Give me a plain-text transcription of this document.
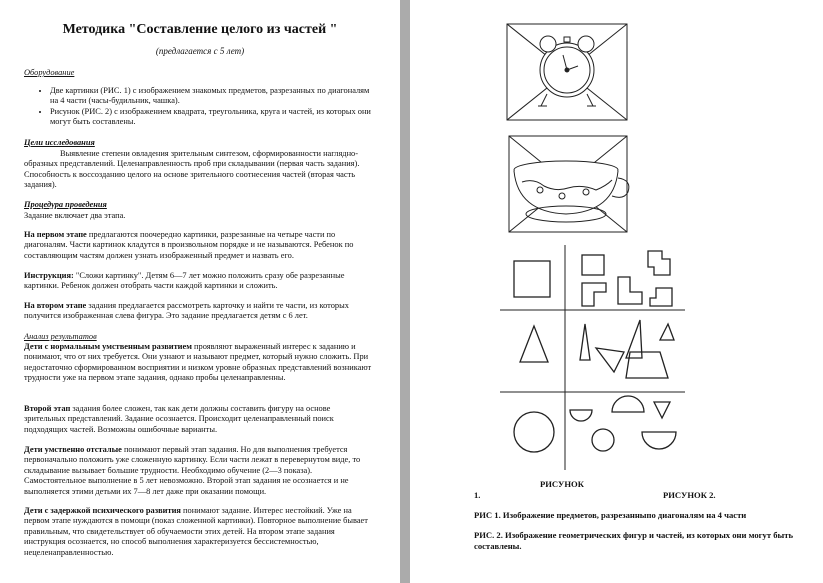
Методика "Составление целого из частей "
(предлагается с 5 лет)

Оборудование

• Две картинки (РИС. 1) с изображением знакомых предметов, разрезанных по диагоналям на 4 части (часы-будильник, чашка).
• Рисунок (РИС. 2) с изображением квадрата, треугольника, круга и частей, из которых они могут быть составлены.

Цели исследования

Выявление степени овладения зрительным синтезом, сформированности наглядно-образных представлений. Целенаправленность проб при складывании (первая часть задания). Способность к воссозданию целого на основе зрительного соотнесения частей (вторая часть задания).

Процедура проведения

Задание включает два этапа.

На первом этапе предлагаются поочередно картинки, разрезанные на четыре части по диагоналям. Части картинок кладутся в произвольном порядке и не называются. Ребенок по составляющим частям должен узнать изображенный предмет и назвать его.

Инструкция: "Сложи картинку". Детям 6—7 лет можно положить сразу обе разрезанные картинки. Ребенок должен отобрать части каждой картинки и сложить.

На втором этапе задания предлагается рассмотреть карточку и найти те части, из которых получится изображенная слева фигура. Это задание предлагается детям с 6 лет.

Анализ результатов

Дети с нормальным умственным развитием проявляют выраженный интерес к заданию и понимают, что от них требуется. Они узнают и называют предмет, который нужно сложить. При недостаточно сформированном восприятии и низком уровне образных представлений возникают трудности уже на первом этапе задания, однако пробы целенаправленны.

Второй этап задания более сложен, так как дети должны составить фигуру на основе зрительных представлений. Задание осознается. Происходит целенаправленный поиск подходящих частей. Возможны ошибочные варианты.

Дети умственно отсталые понимают первый этап задания. Но для выполнения требуется первоначально положить уже сложенную картинку. Если части лежат в перевернутом виде, то складывание вызывает большие трудности. Необходимо обучение (2—3 показа). Самостоятельное выполнение в 5 лет невозможно. Второй этап задания не осознается и не выполняется этими детьми их 7—8 лет даже при оказании помощи.

Дети с задержкой психического развития понимают задание. Интерес нестойкий. Уже на первом этапе нуждаются в помощи (показ сложенной картинки). Повторное выполнение бывает правильным, что свидетельствует об обучаемости этих детей. На втором этапе задания инструкция осознается, но способ выполнения характеризуется бессистемностью, нецеленаправленностью.

РИСУНОК
1.	РИСУНОК 2.
РИС 1. Изображение предметов, разрезанныпо диагоналям на 4 части
РИС. 2. Изображение геометрических фигур и частей, из которых они могут быть составлены.
